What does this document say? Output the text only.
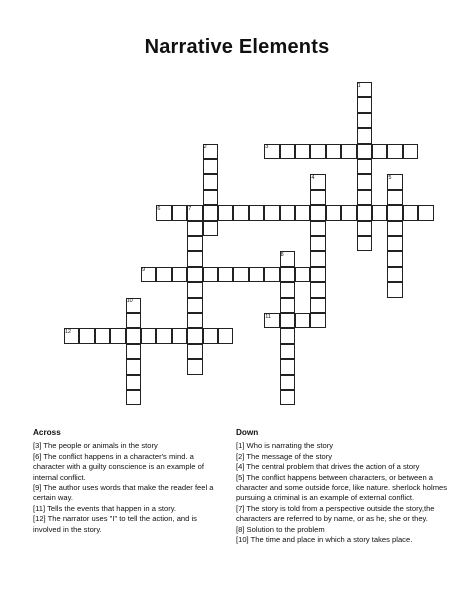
Narrative Elements
1
2	3
4	5
6	7
8
9
10
11
12
Across

[3] The people or animals in the story

[6] The conflict happens in a character's mind. a character with a guilty conscience is an example of internal conflict.

[9] The author uses words that make the reader feel a certain way.

[11] Tells the events that happen in a story.

[12] The narrator uses "I" to tell the action, and is involved in the story.

Down

[1] Who is narrating the story

[2] The message of the story

[4] The central problem that drives the action of a story

[5] The conflict happens between characters, or between a character and some outside force, like nature. sherlock holmes pursuing a criminal is an example of external conflict.

[7] The story is told from a perspective outside the story,the characters are referred to by name, or as he, she or they.

[8] Solution to the problem

[10] The time and place in which a story takes place.
